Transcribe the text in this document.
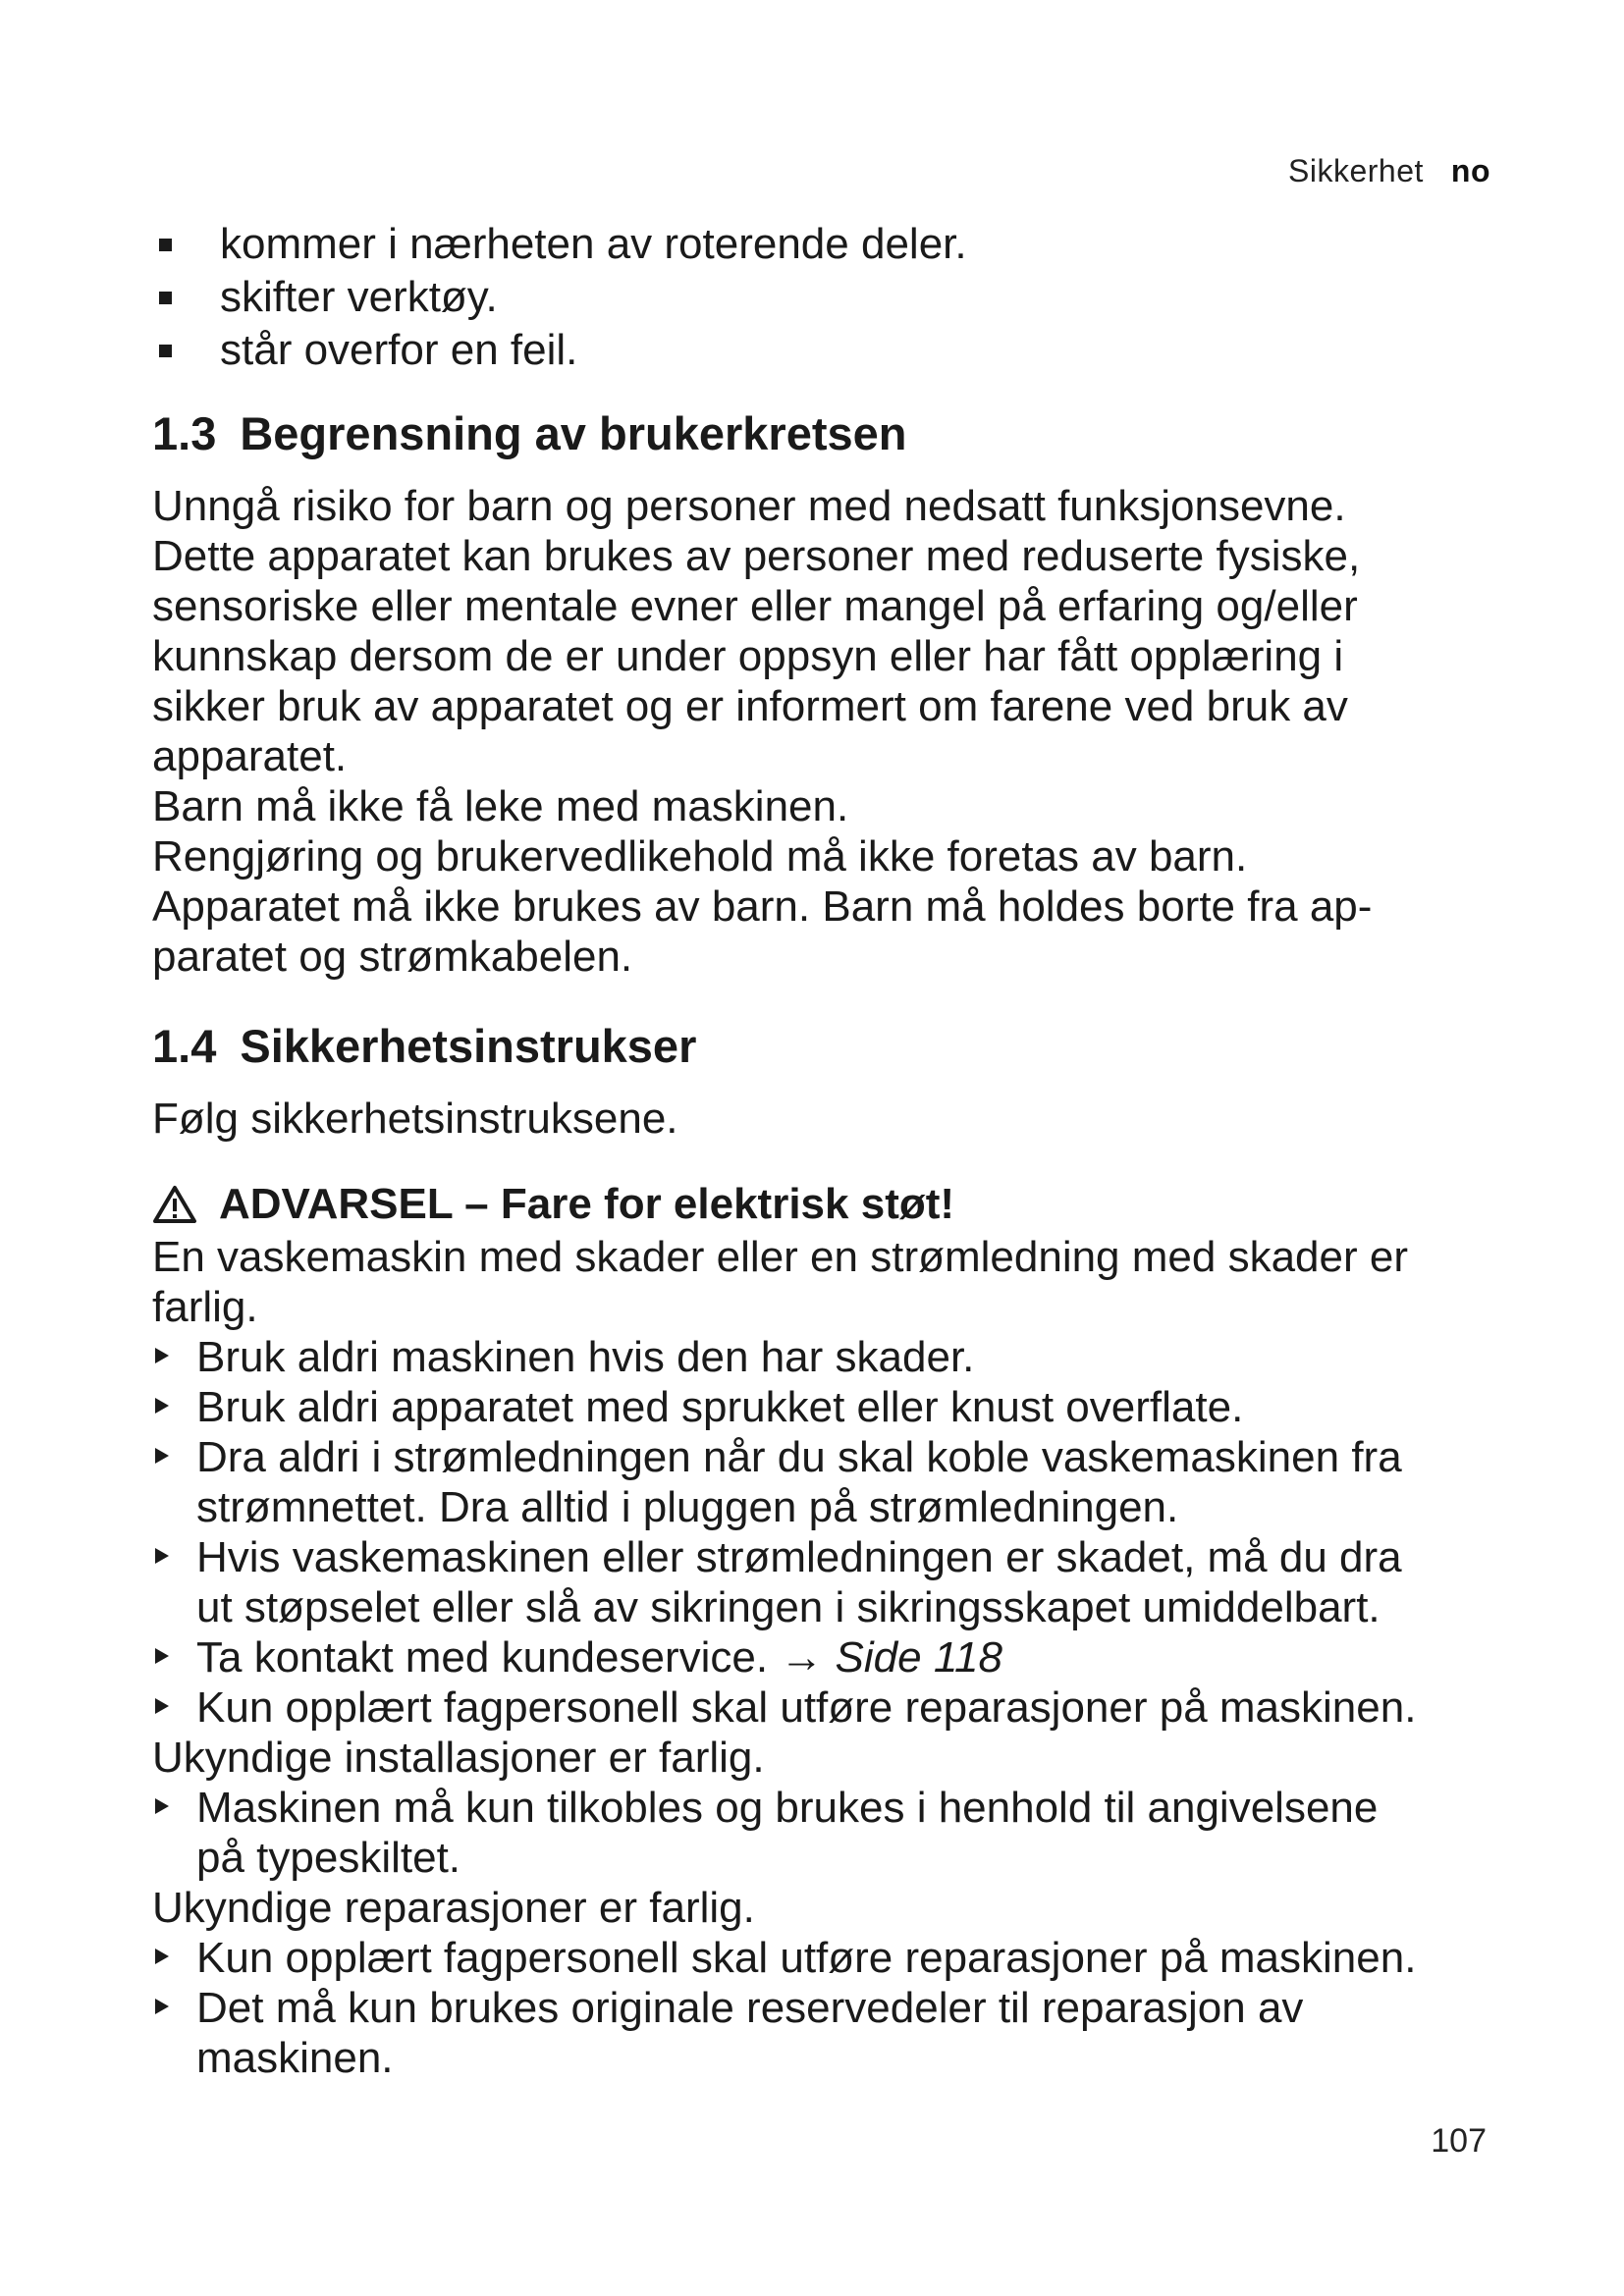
Sikkerhet no
kommer i nærheten av roterende deler.
skifter verktøy.
står overfor en feil.
1.3 Begrensning av brukerkretsen
Unngå risiko for barn og personer med nedsatt funksjonsevne.
Dette apparatet kan brukes av personer med reduserte fysiske,
sensoriske eller mentale evner eller mangel på erfaring og/eller
kunnskap dersom de er under oppsyn eller har fått opplæring i
sikker bruk av apparatet og er informert om farene ved bruk av
apparatet.
Barn må ikke få leke med maskinen.
Rengjøring og brukervedlikehold må ikke foretas av barn.
Apparatet må ikke brukes av barn. Barn må holdes borte fra ap-
paratet og strømkabelen.
1.4 Sikkerhetsinstrukser
Følg sikkerhetsinstruksene.
ADVARSEL – Fare for elektrisk støt!
En vaskemaskin med skader eller en strømledning med skader er
farlig.
Bruk aldri maskinen hvis den har skader.
Bruk aldri apparatet med sprukket eller knust overflate.
Dra aldri i strømledningen når du skal koble vaskemaskinen fra
strømnettet. Dra alltid i pluggen på strømledningen.
Hvis vaskemaskinen eller strømledningen er skadet, må du dra
ut støpselet eller slå av sikringen i sikringsskapet umiddelbart.
Ta kontakt med kundeservice. → Side 118
Kun opplært fagpersonell skal utføre reparasjoner på maskinen.
Ukyndige installasjoner er farlig.
Maskinen må kun tilkobles og brukes i henhold til angivelsene
på typeskiltet.
Ukyndige reparasjoner er farlig.
Kun opplært fagpersonell skal utføre reparasjoner på maskinen.
Det må kun brukes originale reservedeler til reparasjon av
maskinen.
107
